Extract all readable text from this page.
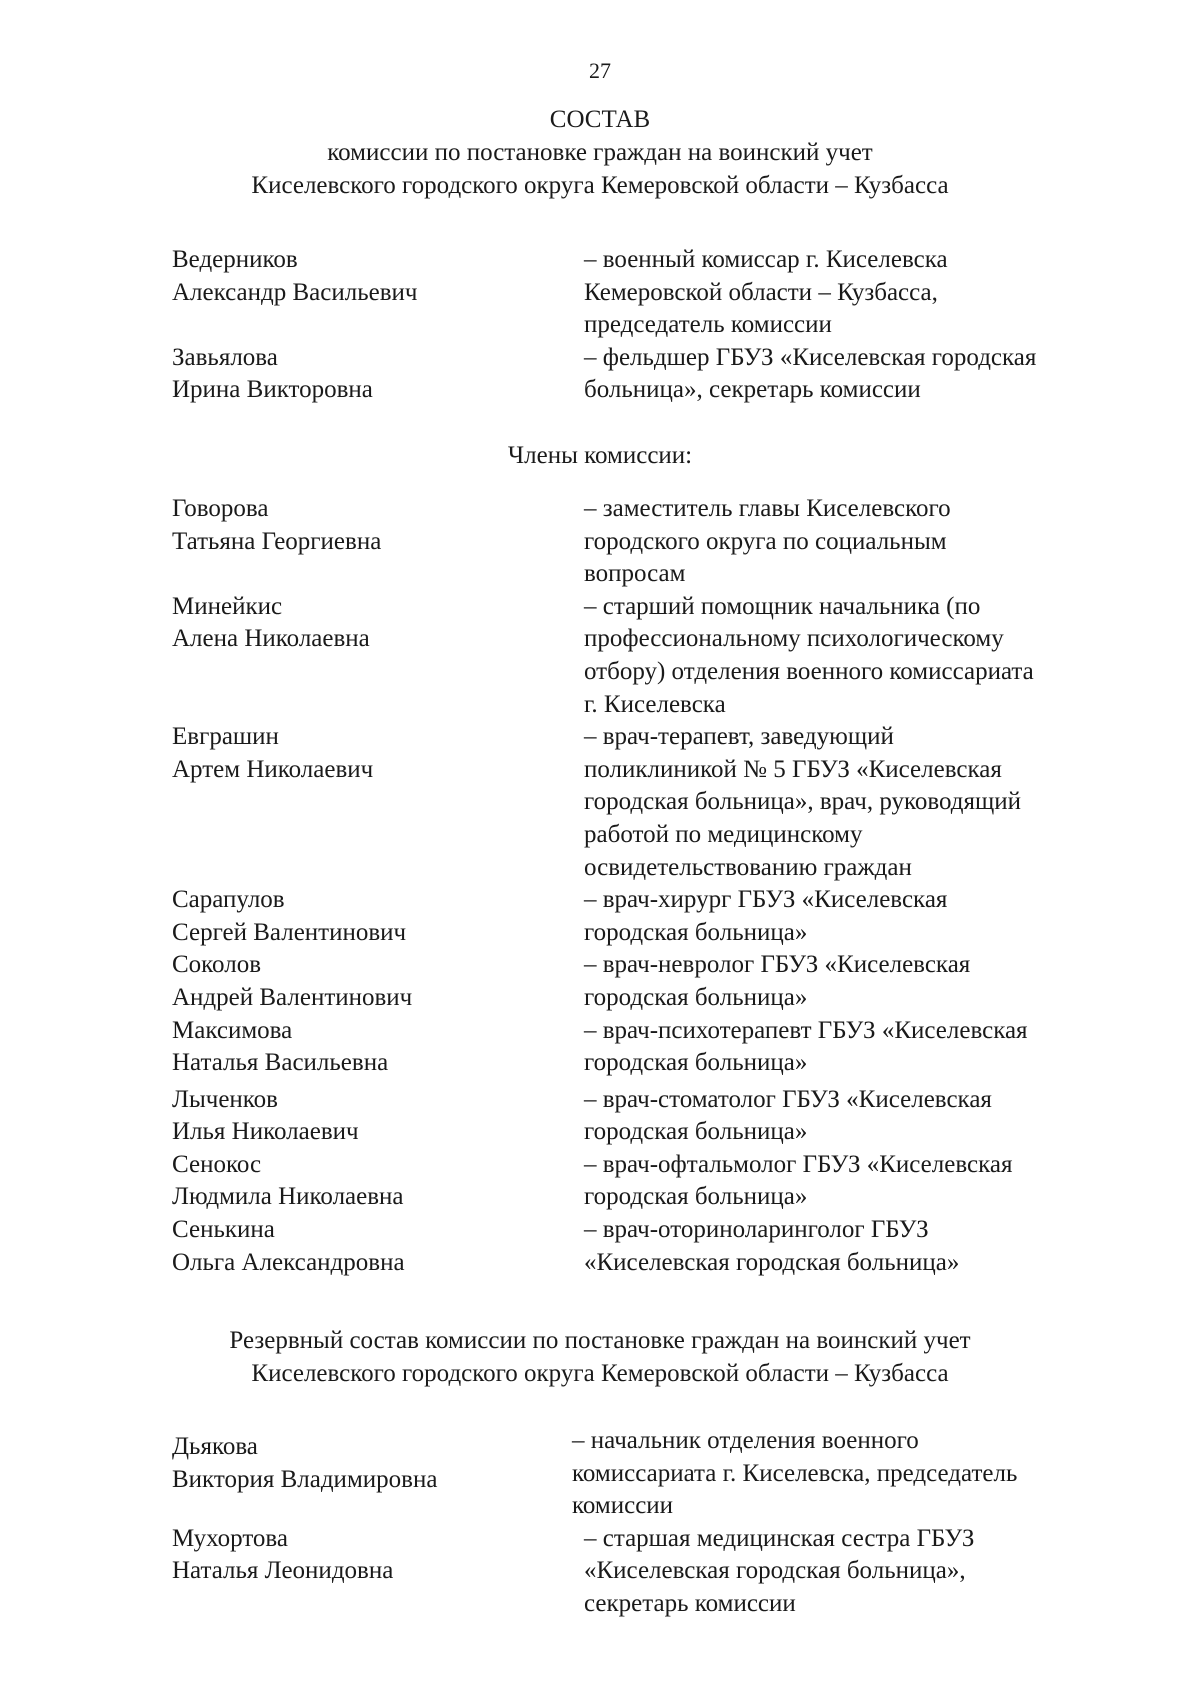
27
СОСТАВ
комиссии по постановке граждан на воинский учет
Киселевского городского округа Кемеровской области – Кузбасса
Ведерников
Александр Васильевич
– военный комиссар г. Киселевска
Кемеровской области – Кузбасса,
председатель комиссии
Завьялова
Ирина Викторовна
– фельдшер ГБУЗ «Киселевская городская
больница», секретарь комиссии
Члены комиссии:
Говорова
Татьяна Георгиевна
– заместитель главы Киселевского
городского округа по социальным
вопросам
Минейкис
Алена Николаевна
– старший помощник начальника (по
профессиональному психологическому
отбору) отделения военного комиссариата
г. Киселевска
Евграшин
Артем Николаевич
– врач-терапевт, заведующий
поликлиникой № 5 ГБУЗ «Киселевская
городская больница», врач, руководящий
работой по медицинскому
освидетельствованию граждан
Сарапулов
Сергей Валентинович
– врач-хирург ГБУЗ «Киселевская
городская больница»
Соколов
Андрей Валентинович
– врач-невролог ГБУЗ «Киселевская
городская больница»
Максимова
Наталья Васильевна
– врач-психотерапевт ГБУЗ «Киселевская
городская больница»
Лыченков
Илья Николаевич
– врач-стоматолог ГБУЗ «Киселевская
городская больница»
Сенокос
Людмила Николаевна
– врач-офтальмолог ГБУЗ «Киселевская
городская больница»
Сенькина
Ольга Александровна
– врач-оториноларинголог ГБУЗ
«Киселевская городская больница»
Резервный состав комиссии по постановке граждан на воинский учет
Киселевского городского округа Кемеровской области – Кузбасса
Дьякова
Виктория Владимировна
– начальник отделения военного
комиссариата г. Киселевска, председатель
комиссии
Мухортова
Наталья Леонидовна
– старшая медицинская сестра ГБУЗ
«Киселевская городская больница»,
секретарь комиссии
